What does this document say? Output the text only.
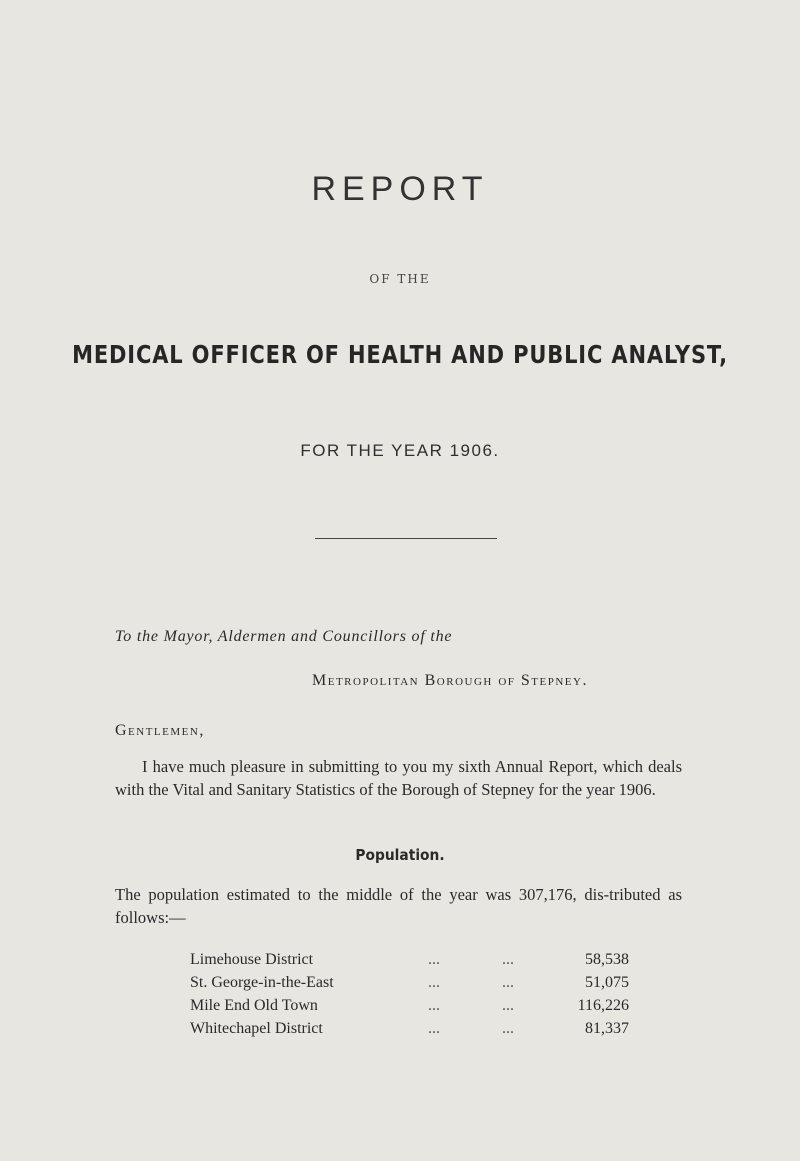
REPORT
OF THE
MEDICAL OFFICER OF HEALTH AND PUBLIC ANALYST,
FOR THE YEAR 1906.
To the Mayor, Aldermen and Councillors of the
Metropolitan Borough of Stepney.
Gentlemen,
I have much pleasure in submitting to you my sixth Annual Report, which deals with the Vital and Sanitary Statistics of the Borough of Stepney for the year 1906.
Population.
The population estimated to the middle of the year was 307,176, dis-tributed as follows:—
Limehouse District	...	...	58,538
St. George-in-the-East	...	...	51,075
Mile End Old Town	...	...	116,226
Whitechapel District	...	...	81,337
